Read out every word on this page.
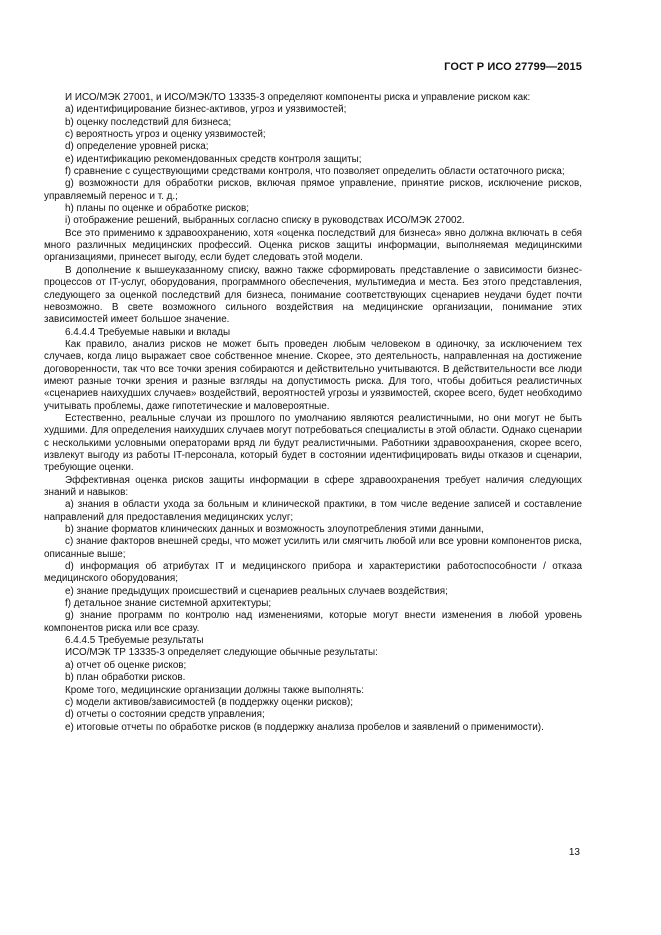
ГОСТ Р ИСО 27799—2015

И ИСО/МЭК 27001, и ИСО/МЭК/ТО 13335-3 определяют компоненты риска и управление риском как:

a) идентифицирование бизнес-активов, угроз и уязвимостей;

b) оценку последствий для бизнеса;

c) вероятность угроз и оценку уязвимостей;

d) определение уровней риска;

e) идентификацию рекомендованных средств контроля защиты;

f) сравнение с существующими средствами контроля, что позволяет определить области остаточного риска;

g) возможности для обработки рисков, включая прямое управление, принятие рисков, исключение рисков, управляемый перенос и т. д.;

h) планы по оценке и обработке рисков;

i) отображение решений, выбранных согласно списку в руководствах ИСО/МЭК 27002.

Все это применимо к здравоохранению, хотя «оценка последствий для бизнеса» явно должна включать в себя много различных медицинских профессий. Оценка рисков защиты информации, выполняемая медицинскими организациями, принесет выгоду, если будет следовать этой модели.

В дополнение к вышеуказанному списку, важно также сформировать представление о зависимости бизнес-процессов от IT-услуг, оборудования, программного обеспечения, мультимедиа и места. Без этого представления, следующего за оценкой последствий для бизнеса, понимание соответствующих сценариев неудачи будет почти невозможно. В свете возможного сильного воздействия на медицинские организации, понимание этих зависимостей имеет большое значение.

6.4.4.4 Требуемые навыки и вклады

Как правило, анализ рисков не может быть проведен любым человеком в одиночку, за исключением тех случаев, когда лицо выражает свое собственное мнение. Скорее, это деятельность, направленная на достижение договоренности, так что все точки зрения собираются и действительно учитываются. В действительности все люди имеют разные точки зрения и разные взгляды на допустимость риска. Для того, чтобы добиться реалистичных «сценариев наихудших случаев» воздействий, вероятностей угрозы и уязвимостей, скорее всего, будет необходимо учитывать проблемы, даже гипотетические и маловероятные.

Естественно, реальные случаи из прошлого по умолчанию являются реалистичными, но они могут не быть худшими. Для определения наихудших случаев могут потребоваться специалисты в этой области. Однако сценарии с несколькими условными операторами вряд ли будут реалистичными. Работники здравоохранения, скорее всего, извлекут выгоду из работы IT-персонала, который будет в состоянии идентифицировать виды отказов и сценарии, требующие оценки.

Эффективная оценка рисков защиты информации в сфере здравоохранения требует наличия следующих знаний и навыков:

a) знания в области ухода за больным и клинической практики, в том числе ведение записей и составление направлений для предоставления медицинских услуг;

b) знание форматов клинических данных и возможность злоупотребления этими данными,

c) знание факторов внешней среды, что может усилить или смягчить любой или все уровни компонентов риска, описанные выше;

d) информация об атрибутах IT и медицинского прибора и характеристики работоспособности / отказа медицинского оборудования;

e) знание предыдущих происшествий и сценариев реальных случаев воздействия;

f) детальное знание системной архитектуры;

g) знание программ по контролю над изменениями, которые могут внести изменения в любой уровень компонентов риска или все сразу.

6.4.4.5 Требуемые результаты

ИСО/МЭК ТР 13335-3 определяет следующие обычные результаты:

a) отчет об оценке рисков;

b) план обработки рисков.

Кроме того, медицинские организации должны также выполнять:

c) модели активов/зависимостей (в поддержку оценки рисков);

d) отчеты о состоянии средств управления;

e) итоговые отчеты по обработке рисков (в поддержку анализа пробелов и заявлений о применимости).

13
